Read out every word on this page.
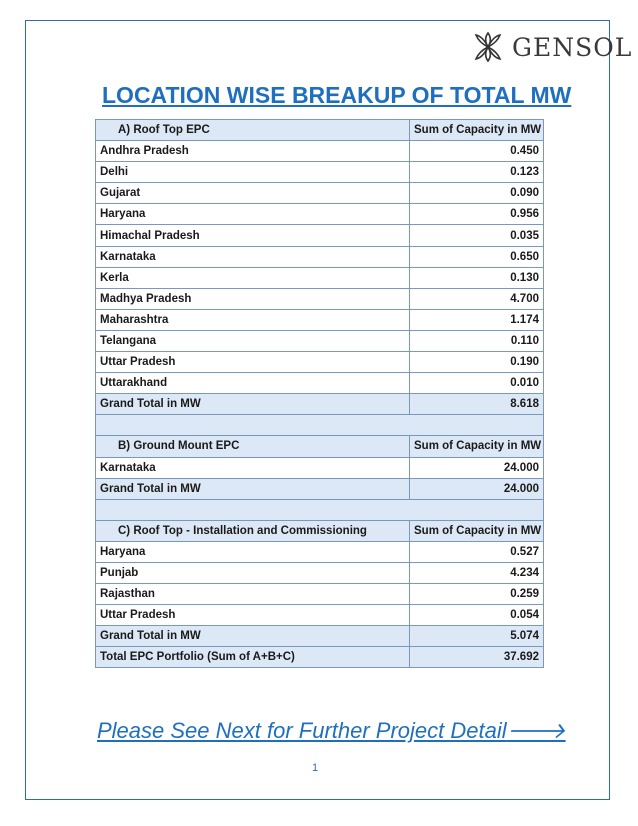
GENSOL
LOCATION WISE BREAKUP OF TOTAL MW
A) Roof Top EPC	Sum of Capacity in MW
Andhra Pradesh	0.450
Delhi	0.123
Gujarat	0.090
Haryana	0.956
Himachal Pradesh	0.035
Karnataka	0.650
Kerla	0.130
Madhya Pradesh	4.700
Maharashtra	1.174
Telangana	0.110
Uttar Pradesh	0.190
Uttarakhand	0.010
Grand Total in MW	8.618

B) Ground Mount EPC	Sum of Capacity in MW
Karnataka	24.000
Grand Total in MW	24.000

C) Roof Top - Installation and Commissioning	Sum of Capacity in MW
Haryana	0.527
Punjab	4.234
Rajasthan	0.259
Uttar Pradesh	0.054
Grand Total in MW	5.074
Total EPC Portfolio (Sum of A+B+C)	37.692
Please See Next for Further Project Detail🡒
1
